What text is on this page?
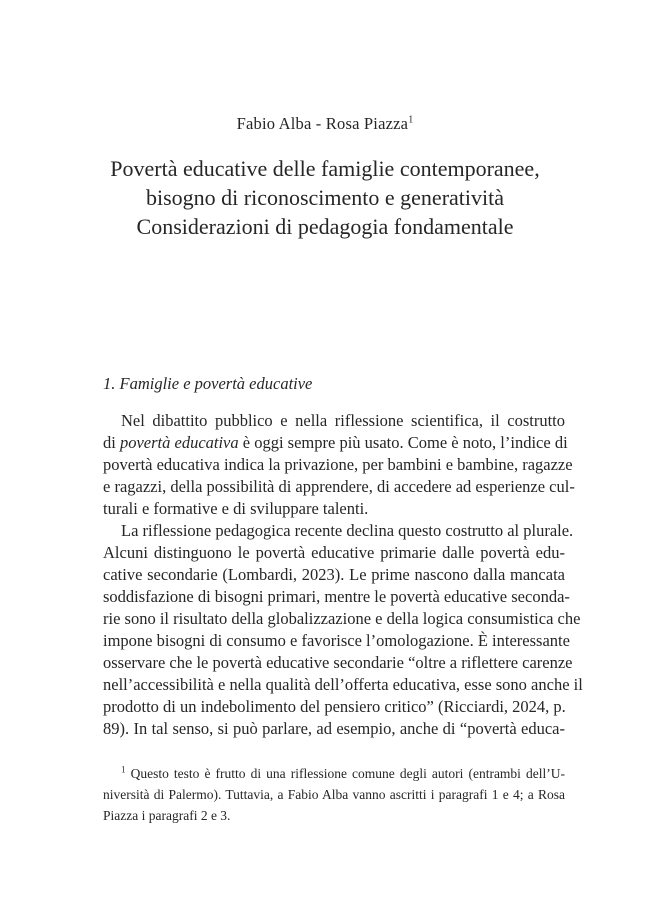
Fabio Alba - Rosa Piazza$^1$
Povertà educative delle famiglie contemporanee,
bisogno di riconoscimento e generatività
Considerazioni di pedagogia fondamentale
1. Famiglie e povertà educative
Nel dibattito pubblico e nella riflessione scientifica, il costrutto
di povertà educativa è oggi sempre più usato. Come è noto, l’indice di
povertà educativa indica la privazione, per bambini e bambine, ragazze
e ragazzi, della possibilità di apprendere, di accedere ad esperienze cul-
turali e formative e di sviluppare talenti.
La riflessione pedagogica recente declina questo costrutto al plurale.
Alcuni distinguono le povertà educative primarie dalle povertà edu-
cative secondarie (Lombardi, 2023). Le prime nascono dalla mancata
soddisfazione di bisogni primari, mentre le povertà educative seconda-
rie sono il risultato della globalizzazione e della logica consumistica che
impone bisogni di consumo e favorisce l’omologazione. È interessante
osservare che le povertà educative secondarie “oltre a riflettere carenze
nell’accessibilità e nella qualità dell’offerta educativa, esse sono anche il
prodotto di un indebolimento del pensiero critico” (Ricciardi, 2024, p.
89). In tal senso, si può parlare, ad esempio, anche di “povertà educa-
$^1$ Questo testo è frutto di una riflessione comune degli autori (entrambi dell’U-
niversità di Palermo). Tuttavia, a Fabio Alba vanno ascritti i paragrafi 1 e 4; a Rosa
Piazza i paragrafi 2 e 3.
